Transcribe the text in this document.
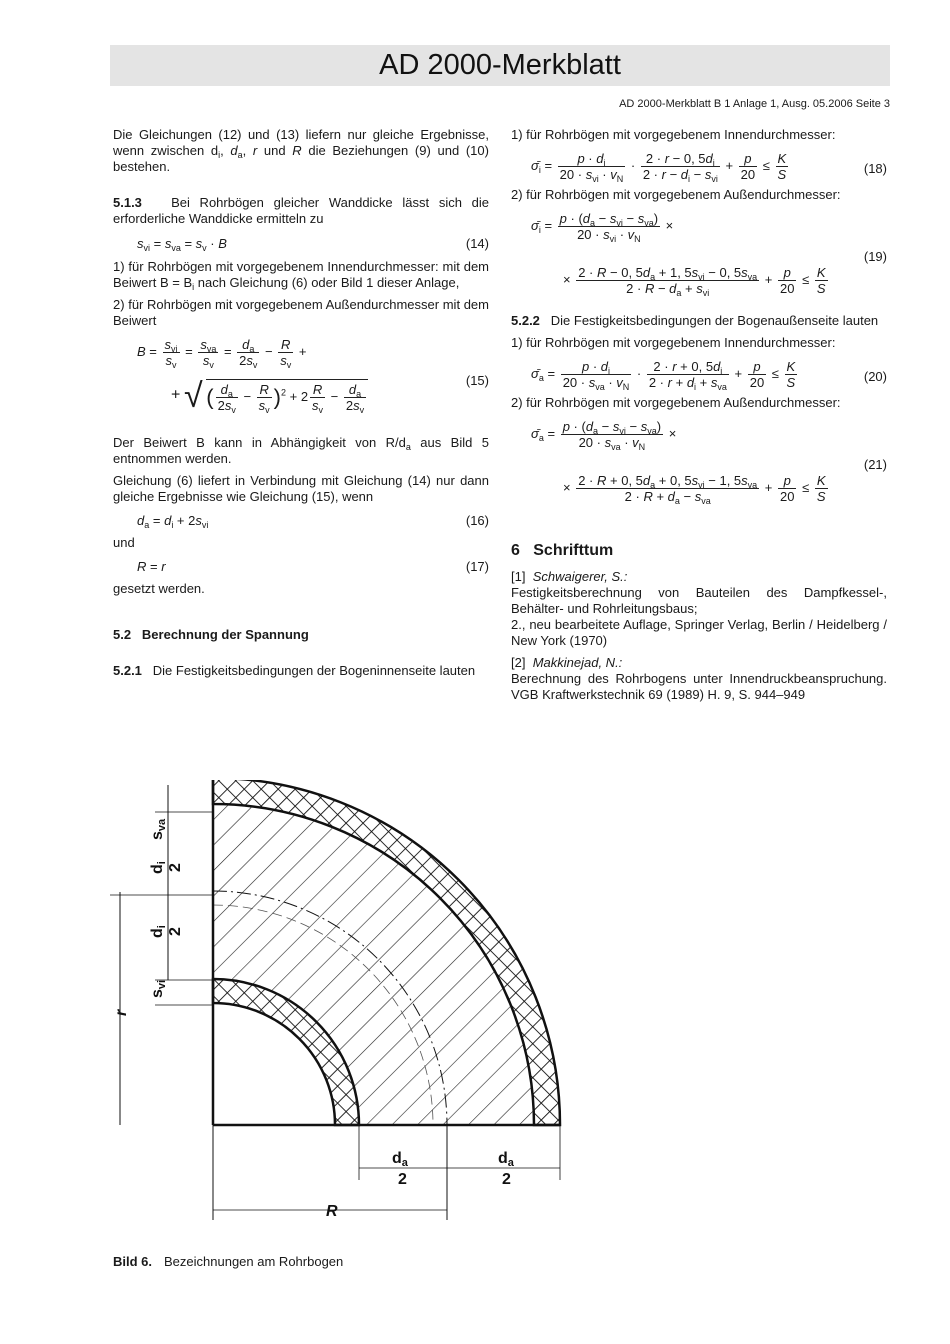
AD 2000-Merkblatt
AD 2000-Merkblatt B 1 Anlage 1, Ausg. 05.2006 Seite 3

Die Gleichungen (12) und (13) liefern nur gleiche Ergebnisse, wenn zwischen $d_i$, $d_a$, r und R die Beziehungen (9) und (10) bestehen.

5.1.3 Bei Rohrbögen gleicher Wanddicke lässt sich die erforderliche Wanddicke ermitteln zu

$s_{vi} = s_{va} = s_v \cdot B$	(14)

1) für Rohrbögen mit vorgegebenem Innendurchmesser: mit dem Beiwert $B = B_i$ nach Gleichung (6) oder Bild 1 dieser Anlage,

2) für Rohrbögen mit vorgegebenem Außendurchmesser mit dem Beiwert

$B = \frac{s_{vi}}{s_v} = \frac{s_{va}}{s_v} = \frac{d_a}{2s_v} - \frac{R}{s_v}$ +
+ √ ( $\frac{d_a}{2s_v} - \frac{R}{s_v} )^2 + 2 \frac{R}{s_v} - \frac{d_a}{2s_v}$
(15)

Der Beiwert B kann in Abhängigkeit von $R/d_a$ aus Bild 5 entnommen werden.

Gleichung (6) liefert in Verbindung mit Gleichung (14) nur dann gleiche Ergebnisse wie Gleichung (15), wenn

$d_a = d_i + 2s_{vi}$	(16)

und

R = r	(17)

gesetzt werden.

5.2 Berechnung der Spannung

5.2.1 Die Festigkeitsbedingungen der Bogeninnenseite lauten

1) für Rohrbögen mit vorgegebenem Innendurchmesser:

$\sigmā_i = \frac{p \cdot d_i}{20 \cdot s_{vi} \cdot v_N} \cdot \frac{2 \cdot r - 0, 5d_i}{2 \cdot r - d_i - s_{vi}} + \frac{p}{20} \le \frac{K}{S}$	(18)

2) für Rohrbögen mit vorgegebenem Außendurchmesser:

$\sigmā_i = \frac{p \cdot (d_a - s_{vi} - s_{va})}{20 \cdot s_{vi} \cdot v_N}$ ×
× $\frac{2 \cdot R - 0, 5d_a + 1, 5s_{vi} - 0, 5s_{va}}{2 \cdot R - d_a + s_{vi}} + \frac{p}{20} \le \frac{K}{S}$
(19)

5.2.2 Die Festigkeitsbedingungen der Bogenaußenseite lauten

1) für Rohrbögen mit vorgegebenem Innendurchmesser:

$\sigmā_a = \frac{p \cdot d_i}{20 \cdot s_{va} \cdot v_N} \cdot \frac{2 \cdot r + 0, 5d_i}{2 \cdot r + d_i + s_{va}} + \frac{p}{20} \le \frac{K}{S}$	(20)

2) für Rohrbögen mit vorgegebenem Außendurchmesser:

$\sigmā_a = \frac{p \cdot (d_a - s_{vi} - s_{va})}{20 \cdot s_{va} \cdot v_N}$ ×
× $\frac{2 \cdot R + 0, 5d_a + 0, 5s_{vi} - 1, 5s_{va}}{2 \cdot R + d_a - s_{va}} + \frac{p}{20} \le \frac{K}{S}$
(21)
6 Schrifttum
[1] Schwaigerer, S.:

Festigkeitsberechnung von Bauteilen des Dampfkessel-, Behälter- und Rohrleitungsbaus;

2., neu bearbeitete Auflage, Springer Verlag, Berlin / Heidelberg / New York (1970)

[2] Makkinejad, N.:

Berechnung des Rohrbogens unter Innendruckbeanspruchung. VGB Kraftwerkstechnik 69 (1989) H. 9, S. 944–949

sva
di
2
di
2
svi
r
da
2
da
2
R
Bild 6. Bezeichnungen am Rohrbogen
